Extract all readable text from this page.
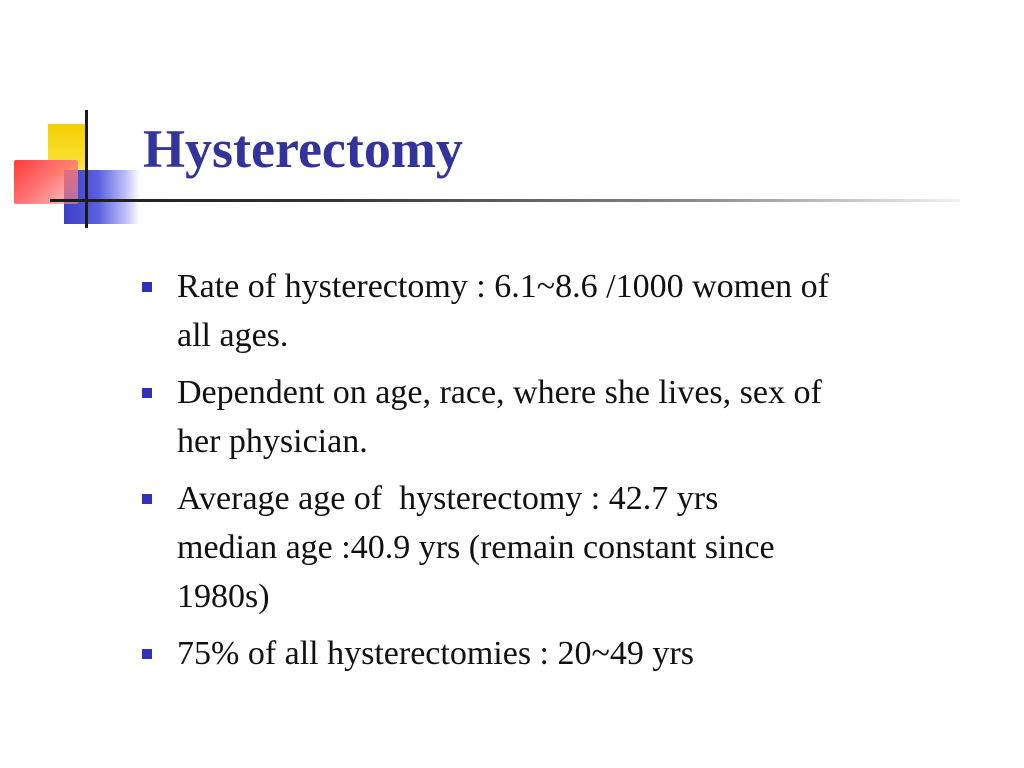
Hysterectomy
Rate of hysterectomy : 6.1~8.6 /1000 women of
all ages.
Dependent on age, race, where she lives, sex of
her physician.
Average age of  hysterectomy : 42.7 yrs
median age :40.9 yrs (remain constant since
1980s)
75% of all hysterectomies : 20~49 yrs
